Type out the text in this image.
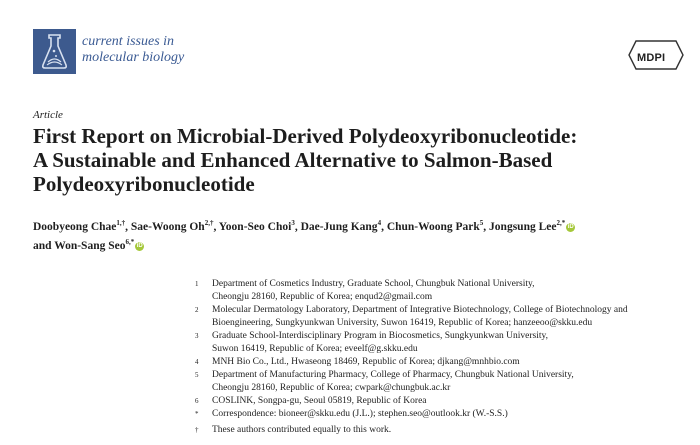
current issues in
molecular biology	MDPI
Article
First Report on Microbial-Derived Polydeoxyribonucleotide:
A Sustainable and Enhanced Alternative to Salmon-Based
Polydeoxyribonucleotide
Doobyeong Chae$^{1,\dagger}$, Sae-Woong $Oh^{2,\dagger}$, Yoon-Seo Choi$^3$, Dae-Jung Kang$^4$, Chun-Woong Park$^5$, Jongsung Lee$^{2,*}$ iD
and Won-Sang Seo$^{6,*}$ iD
1	Department of Cosmetics Industry, Graduate School, Chungbuk National University,
Cheongju 28160, Republic of Korea; enqud2@gmail.com
2	Molecular Dermatology Laboratory, Department of Integrative Biotechnology, College of Biotechnology and
Bioengineering, Sungkyunkwan University, Suwon 16419, Republic of Korea; hanzeeoo@skku.edu
3	Graduate School-Interdisciplinary Program in Biocosmetics, Sungkyunkwan University,
Suwon 16419, Republic of Korea; eveelf@g.skku.edu
4	MNH Bio Co., Ltd., Hwaseong 18469, Republic of Korea; djkang@mnhbio.com
5	Department of Manufacturing Pharmacy, College of Pharmacy, Chungbuk National University,
Cheongju 28160, Republic of Korea; cwpark@chungbuk.ac.kr
6	COSLINK, Songpa-gu, Seoul 05819, Republic of Korea
*	Correspondence: bioneer@skku.edu (J.L.); stephen.seo@outlook.kr (W.-S.S.)
†	These authors contributed equally to this work.
